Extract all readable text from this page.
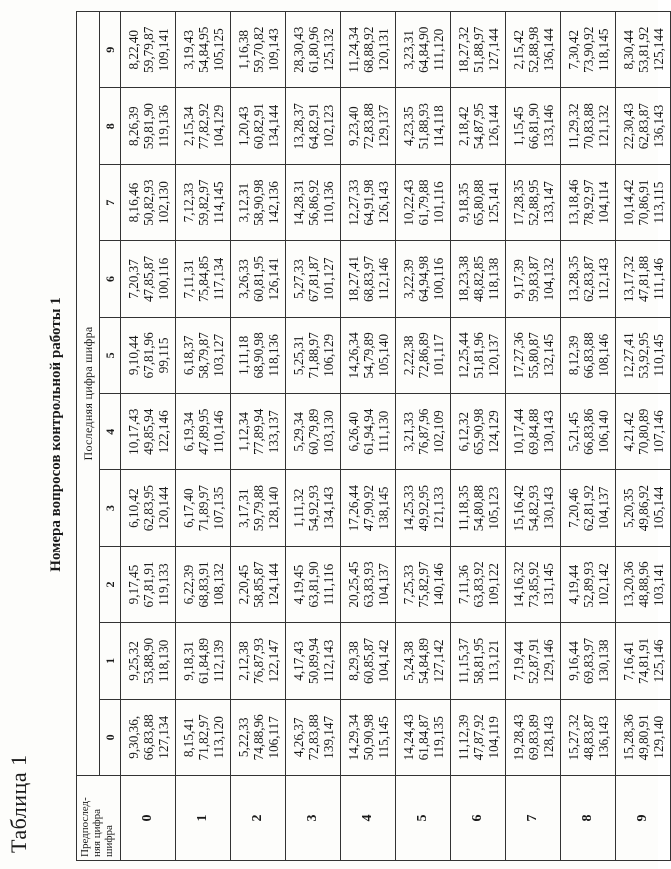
Таблица 1
Номера вопросов контрольной работы 1
Предпослед-
няя цифра
шифра	Последняя цифра шифра									
	0	1	2	3	4	5	6	7	8	9
0	9,30,36, 66,83,88 127,134	9,25,32 53,88,90 118,130	9,17,45 67,81,91 119,133	6,10,42 62,83,95 120,144	10,17,43 49,85,94 122,146	9,10,44 67,81,96 99,115	7,20,37 47,85,87 100,116	8,16,46 50,82,93 102,130	8,26,39 59,81,90 119,136	8,22,40 59,79,87 109,141

1	8,15,41 71,82,97 113,120	9,18,31 61,84,89 112,139	6,22,39 68,83,91 108,132	6,17,40 71,89,97 107,135	6,19,34 47,89,95 110,146	6,18,37 58,79,87 103,127	7,11,31 75,84,85 117,134	7,12,33 59,82,97 114,145	2,15,34 77,82,92 104,129	3,19,43 54,84,95 105,125

2	5,22,33 74,88,96 106,117	2,12,38 76,87,93 122,147	2,20,45 58,85,87 124,144	3,17,31 59,79,88 128,140	1,12,34 77,89,94 133,137	1,11,18 68,90,98 118,136	3,26,33 60,81,95 126,141	3,12,31 58,90,98 142,136	1,20,43 60,82,91 134,144	1,16,38 59,70,82 109,143

3	4,26,37 72,83,88 139,147	4,17,43 50,89,94 112,143	4,19,45 63,81,90 111,116	1,11,32 54,92,93 134,143	5,29,34 60,79,89 103,130	5,25,31 71,88,97 106,129	5,27,33 67,81,87 101,127	14,28,31 56,86,92 110,136	13,28,37 64,82,91 102,123	28,30,43 61,80,96 125,132

4	14,29,34 50,90,98 115,145	8,29,38 60,85,87 104,142	20,25,45 63,83,93 104,137	17,26,44 47,90,92 138,145	6,26,40 61,94,94 111,130	14,26,34 54,79,89 105,140	18,27,41 68,83,97 112,146	12,27,33 64,91,98 126,143	9,23,40 72,83,88 129,137	11,24,34 68,88,92 120,131

5	14,24,43 61,84,87 119,135	5,24,38 54,84,89 127,142	7,25,33 75,82,97 140,146	14,25,33 49,92,95 121,133	3,21,33 76,87,96 102,109	2,22,38 72,86,89 101,117	3,22,39 64,94,98 100,116	10,22,43 61,79,88 101,116	4,23,35 51,88,93 114,118	3,23,31 64,84,90 111,120

6	11,12,39 47,87,92 104,119	11,15,37 58,81,95 113,121	7,11,36 63,83,92 109,122	11,18,35 54,80,88 105,123	6,12,32 65,90,98 124,129	12,25,44 51,81,96 120,137	18,23,38 48,82,85 118,138	9,18,35 65,80,88 125,141	2,18,42 54,87,95 126,144	18,27,32 51,88,97 127,144

7	19,28,43 69,83,89 128,143	7,19,44 52,87,91 129,146	14,16,32 73,85,92 131,145	15,16,42 54,82,93 130,143	10,17,44 69,84,88 130,143	17,27,36 55,80,87 132,145	9,17,39 59,83,87 104,132	17,28,35 52,88,95 133,147	1,15,45 66,81,90 133,146	2,15,42 52,88,98 136,144

8	15,27,32 48,83,87 136,143	9,16,44 69,83,97 130,138	4,19,44 52,89,93 102,142	7,20,46 62,81,92 104,137	5,21,45 66,83,86 106,140	8,12,39 66,83,88 108,146	13,28,35 62,83,87 112,143	13,18,46 78,92,97 104,114	11,29,32 70,83,88 121,132	7,30,42 73,90,92 118,145

9	15,28,36 49,80,91 129,140	7,16,41 74,81,91 125,146	13,20,36 48,88,96 103,141	5,20,35 49,86,92 105,144	4,21,42 70,80,89 107,146	12,27,41 53,92,95 110,145	13,17,32 47,81,88 111,146	10,14,42 70,86,91 113,115	22,30,43 62,83,87 136,143	8,30,44 53,81,92 125,144
